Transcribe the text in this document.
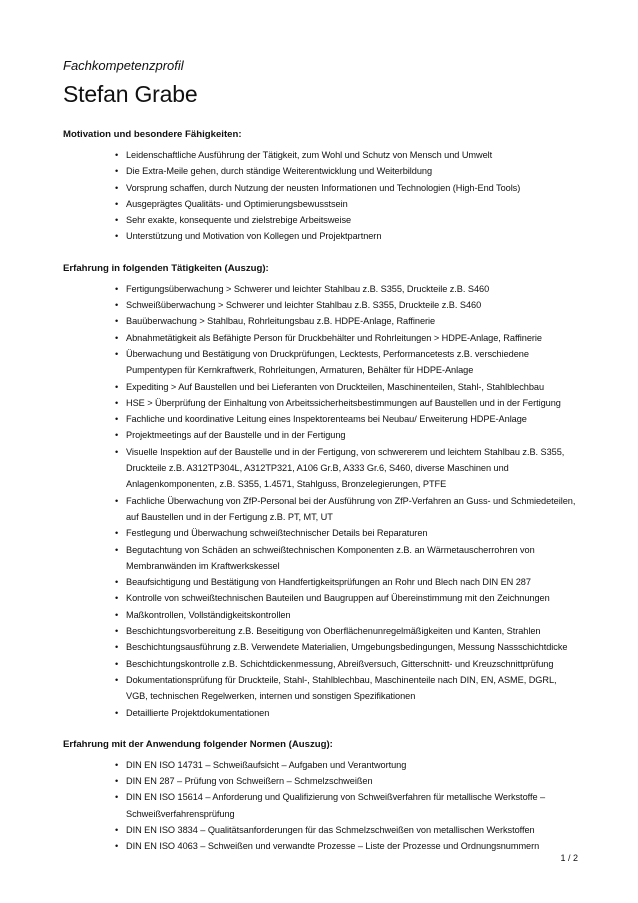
Fachkompetenzprofil

Stefan Grabe
Motivation und besondere Fähigkeiten:
• Leidenschaftliche Ausführung der Tätigkeit, zum Wohl und Schutz von Mensch und Umwelt
• Die Extra-Meile gehen, durch ständige Weiterentwicklung und Weiterbildung
• Vorsprung schaffen, durch Nutzung der neusten Informationen und Technologien (High-End Tools)
• Ausgeprägtes Qualitäts- und Optimierungsbewusstsein
• Sehr exakte, konsequente und zielstrebige Arbeitsweise
• Unterstützung und Motivation von Kollegen und Projektpartnern
Erfahrung in folgenden Tätigkeiten (Auszug):
• Fertigungsüberwachung > Schwerer und leichter Stahlbau z.B. S355, Druckteile z.B. S460
• Schweißüberwachung > Schwerer und leichter Stahlbau z.B. S355, Druckteile z.B. S460
• Bauüberwachung > Stahlbau, Rohrleitungsbau z.B. HDPE-Anlage, Raffinerie
• Abnahmetätigkeit als Befähigte Person für Druckbehälter und Rohrleitungen > HDPE-Anlage, Raffinerie
• Überwachung und Bestätigung von Druckprüfungen, Lecktests, Performancetests z.B. verschiedene Pumpentypen für Kernkraftwerk, Rohrleitungen, Armaturen, Behälter für HDPE-Anlage
• Expediting > Auf Baustellen und bei Lieferanten von Druckteilen, Maschinenteilen, Stahl-, Stahlblechbau
• HSE > Überprüfung der Einhaltung von Arbeitssicherheitsbestimmungen auf Baustellen und in der Fertigung
• Fachliche und koordinative Leitung eines Inspektorenteams bei Neubau/ Erweiterung HDPE-Anlage
• Projektmeetings auf der Baustelle und in der Fertigung
• Visuelle Inspektion auf der Baustelle und in der Fertigung, von schwererem und leichtem Stahlbau z.B. S355, Druckteile z.B. A312TP304L, A312TP321, A106 Gr.B, A333 Gr.6, S460, diverse Maschinen und Anlagenkomponenten, z.B. S355, 1.4571, Stahlguss, Bronzelegierungen, PTFE
• Fachliche Überwachung von ZfP-Personal bei der Ausführung von ZfP-Verfahren an Guss- und Schmiedeteilen, auf Baustellen und in der Fertigung z.B. PT, MT, UT
• Festlegung und Überwachung schweißtechnischer Details bei Reparaturen
• Begutachtung von Schäden an schweißtechnischen Komponenten z.B. an Wärmetauscherrohren von Membranwänden im Kraftwerkskessel
• Beaufsichtigung und Bestätigung von Handfertigkeitsprüfungen an Rohr und Blech nach DIN EN 287
• Kontrolle von schweißtechnischen Bauteilen und Baugruppen auf Übereinstimmung mit den Zeichnungen
• Maßkontrollen, Vollständigkeitskontrollen
• Beschichtungsvorbereitung z.B. Beseitigung von Oberflächenunregelmäßigkeiten und Kanten, Strahlen
• Beschichtungsausführung z.B. Verwendete Materialien, Umgebungsbedingungen, Messung Nassschichtdicke
• Beschichtungskontrolle z.B. Schichtdickenmessung, Abreißversuch, Gitterschnitt- und Kreuzschnittprüfung
• Dokumentationsprüfung für Druckteile, Stahl-, Stahlblechbau, Maschinenteile nach DIN, EN, ASME, DGRL, VGB, technischen Regelwerken, internen und sonstigen Spezifikationen
• Detaillierte Projektdokumentationen
Erfahrung mit der Anwendung folgender Normen (Auszug):
• DIN EN ISO 14731 – Schweißaufsicht – Aufgaben und Verantwortung
• DIN EN 287 – Prüfung von Schweißern – Schmelzschweißen
• DIN EN ISO 15614 – Anforderung und Qualifizierung von Schweißverfahren für metallische Werkstoffe – Schweißverfahrensprüfung
• DIN EN ISO 3834 – Qualitätsanforderungen für das Schmelzschweißen von metallischen Werkstoffen
• DIN EN ISO 4063 – Schweißen und verwandte Prozesse – Liste der Prozesse und Ordnungsnummern
1 / 2
